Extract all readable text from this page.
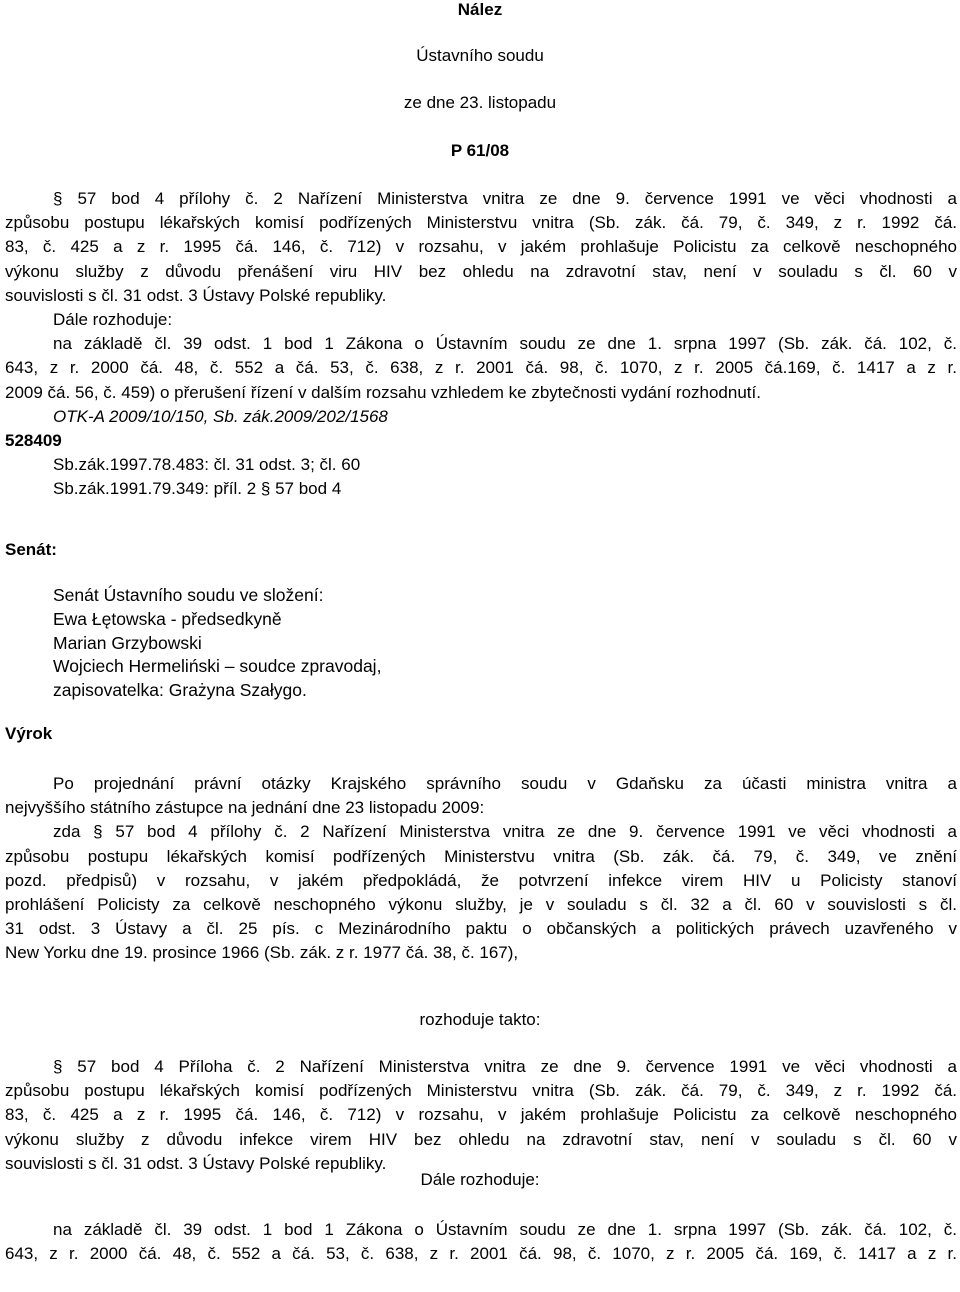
Nález
Ústavního soudu
ze dne 23. listopadu
P 61/08
§ 57 bod 4 přílohy č. 2 Nařízení Ministerstva vnitra ze dne 9. července 1991 ve věci vhodnosti a
způsobu postupu lékařských komisí podřízených Ministerstvu vnitra (Sb. zák. čá. 79, č. 349, z r. 1992 čá.
83, č. 425 a z r. 1995 čá. 146, č. 712) v rozsahu, v jakém prohlašuje Policistu za celkově neschopného
výkonu služby z důvodu přenášení viru HIV bez ohledu na zdravotní stav, není v souladu s čl. 60 v
souvislosti s čl. 31 odst. 3 Ústavy Polské republiky.
Dále rozhoduje:
na základě čl. 39 odst. 1 bod 1 Zákona o Ústavním soudu ze dne 1. srpna 1997 (Sb. zák. čá. 102, č.
643, z r. 2000 čá. 48, č. 552 a čá. 53, č. 638, z r. 2001 čá. 98, č. 1070, z r. 2005 čá.169, č. 1417 a z r.
2009 čá. 56, č. 459) o přerušení řízení v dalším rozsahu vzhledem ke zbytečnosti vydání rozhodnutí.
OTK-A 2009/10/150, Sb. zák.2009/202/1568
528409
Sb.zák.1997.78.483: čl. 31 odst. 3; čl. 60
Sb.zák.1991.79.349: příl. 2 § 57 bod 4
Senát:
Senát Ústavního soudu ve složení:
Ewa Łętowska - předsedkyně
Marian Grzybowski
Wojciech Hermeliński – soudce zpravodaj,
zapisovatelka: Grażyna Szałygo.
Výrok
Po projednání právní otázky Krajského správního soudu v Gdaňsku za účasti ministra vnitra a
nejvyššího státního zástupce na jednání dne 23 listopadu 2009:
zda § 57 bod 4 přílohy č. 2 Nařízení Ministerstva vnitra ze dne 9. července 1991 ve věci vhodnosti a
způsobu postupu lékařských komisí podřízených Ministerstvu vnitra (Sb. zák. čá. 79, č. 349, ve znění
pozd. předpisů) v rozsahu, v jakém předpokládá, že potvrzení infekce virem HIV u Policisty stanoví
prohlášení Policisty za celkově neschopného výkonu služby, je v souladu s čl. 32 a čl. 60 v souvislosti s čl.
31 odst. 3 Ústavy a čl. 25 pís. c Mezinárodního paktu o občanských a politických právech uzavřeného v
New Yorku dne 19. prosince 1966 (Sb. zák. z r. 1977 čá. 38, č. 167),
rozhoduje takto:
§ 57 bod 4 Příloha č. 2 Nařízení Ministerstva vnitra ze dne 9. července 1991 ve věci vhodnosti a
způsobu postupu lékařských komisí podřízených Ministerstvu vnitra (Sb. zák. čá. 79, č. 349, z r. 1992 čá.
83, č. 425 a z r. 1995 čá. 146, č. 712) v rozsahu, v jakém prohlašuje Policistu za celkově neschopného
výkonu služby z důvodu infekce virem HIV bez ohledu na zdravotní stav, není v souladu s čl. 60 v
souvislosti s čl. 31 odst. 3 Ústavy Polské republiky.
Dále rozhoduje:
na základě čl. 39 odst. 1 bod 1 Zákona o Ústavním soudu ze dne 1. srpna 1997 (Sb. zák. čá. 102, č.
643, z r. 2000 čá. 48, č. 552 a čá. 53, č. 638, z r. 2001 čá. 98, č. 1070, z r. 2005 čá. 169, č. 1417 a z r.
